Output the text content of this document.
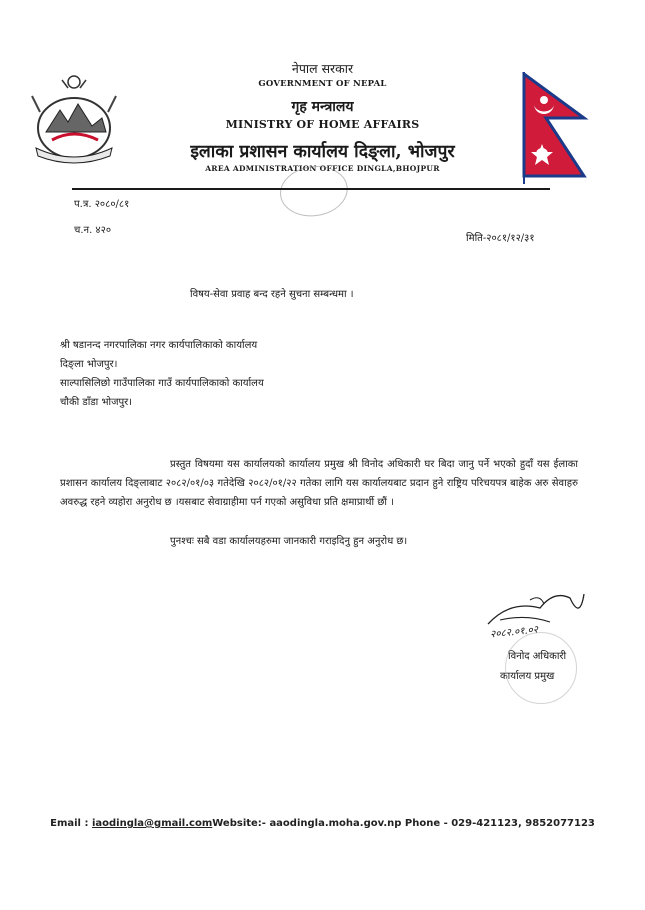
नेपाल सरकार
GOVERNMENT OF NEPAL
गृह मन्त्रालय
MINISTRY OF HOME AFFAIRS
इलाका प्रशासन कार्यालय दिङ्ला, भोजपुर
AREA ADMINISTRATION OFFICE DINGLA,BHOJPUR
प.त्र. २०८०/८१
च.न. ४२०
मिति-२०८१/१२/३१
विषय-सेवा प्रवाह बन्द रहने सुचना सम्बन्धमा ।
श्री षडानन्द नगरपालिका नगर कार्यपालिकाको कार्यालय
दिङ्ला भोजपुर।
साल्पासिलिछो गाउँपालिका गाउँ कार्यपालिकाको कार्यालय
चौकी डाँडा भोजपुर।
प्रस्तुत विषयमा यस कार्यालयको कार्यालय प्रमुख श्री विनोद अधिकारी घर बिदा जानु पर्ने भएको हुदाँ यस ईलाका प्रशासन कार्यालय दिङ्लाबाट २०८२/०१/०३ गतेदेखि २०८२/०१/२२ गतेका लागि यस कार्यालयबाट प्रदान हुने राष्ट्रिय परिचयपत्र बाहेक अरु सेवाहरु अवरुद्ध रहने व्यहोरा अनुरोध छ ।यसबाट सेवाग्राहीमा पर्न गएको असुविधा प्रति क्षमाप्रार्थी छौं ।
पुनश्चः सबै वडा कार्यालयहरुमा जानकारी गराइदिनु हुन अनुरोध छ।
२०८२.०१.०२
विनोद अधिकारी
कार्यालय प्रमुख
Email : iaodingla@gmail.comWebsite:- aaodingla.moha.gov.np Phone - 029-421123, 9852077123
